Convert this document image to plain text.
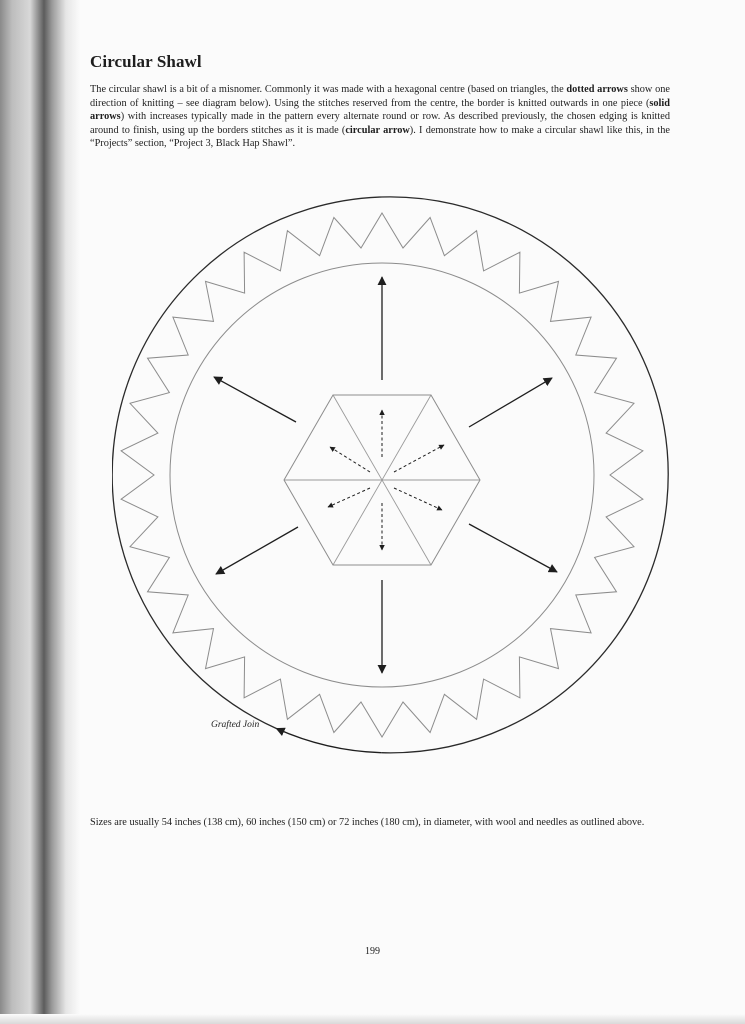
Circular Shawl

The circular shawl is a bit of a misnomer. Commonly it was made with a hexagonal centre (based on triangles, the dotted arrows show one direction of knitting – see diagram below). Using the stitches reserved from the centre, the border is knitted outwards in one piece (solid arrows) with increases typically made in the pattern every alternate round or row. As described previously, the chosen edging is knitted around to finish, using up the borders stitches as it is made (circular arrow). I demonstrate how to make a circular shawl like this, in the “Projects” section, “Project 3, Black Hap Shawl”.

Grafted Join

Sizes are usually 54 inches (138 cm), 60 inches (150 cm) or 72 inches (180 cm), in diameter, with wool and needles as outlined above.

199
